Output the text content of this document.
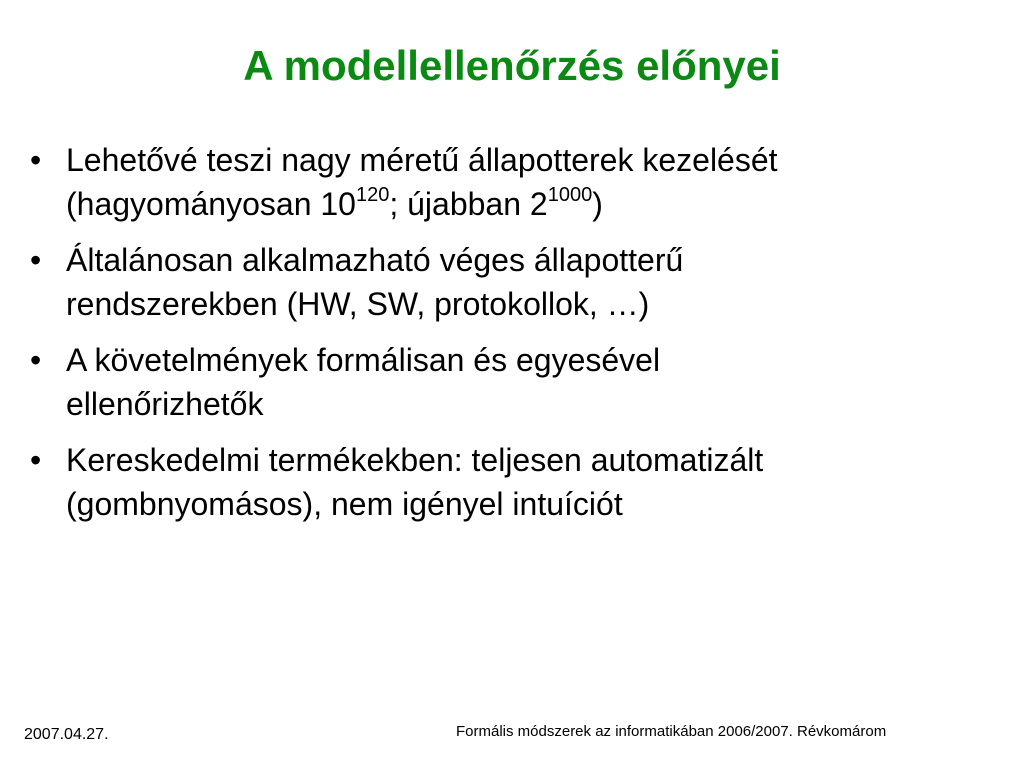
A modellellenőrzés előnyei
• Lehetővé teszi nagy méretű állapotterek kezelését
(hagyományosan $10^{120}$; újabban $2^{1000}$)
• Általánosan alkalmazható véges állapotterű
rendszerekben (HW, SW, protokollok, …)
• A követelmények formálisan és egyesével
ellenőrizhetők
• Kereskedelmi termékekben: teljesen automatizált
(gombnyomásos), nem igényel intuíciót
2007.04.27.	Formális módszerek az informatikában 2006/2007. Révkomárom
